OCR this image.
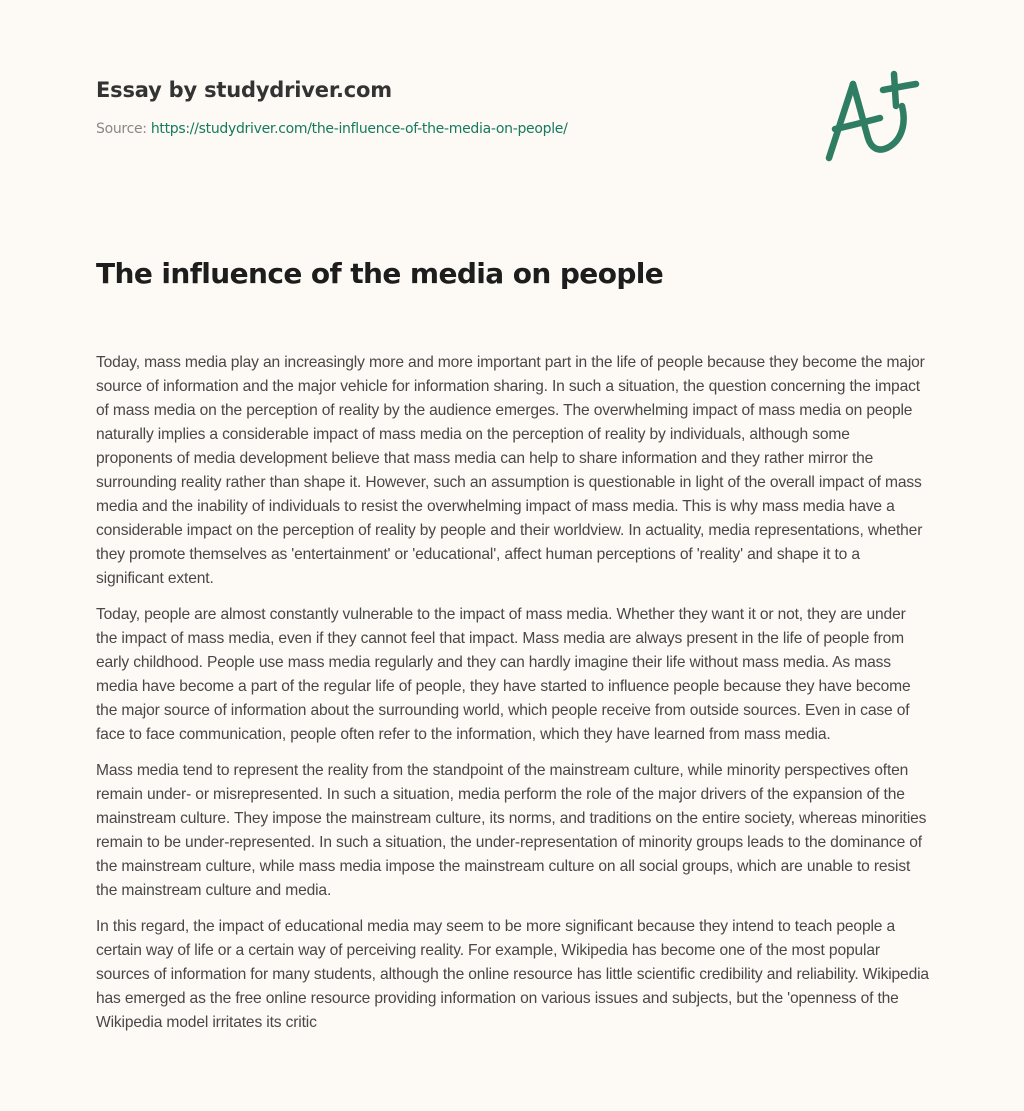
Essay by studydriver.com
Source: https://studydriver.com/the-influence-of-the-media-on-people/
The influence of the media on people

Today, mass media play an increasingly more and more important part in the life of people because they become the major source of information and the major vehicle for information sharing. In such a situation, the question concerning the impact of mass media on the perception of reality by the audience emerges. The overwhelming impact of mass media on people naturally implies a considerable impact of mass media on the perception of reality by individuals, although some proponents of media development believe that mass media can help to share information and they rather mirror the surrounding reality rather than shape it. However, such an assumption is questionable in light of the overall impact of mass media and the inability of individuals to resist the overwhelming impact of mass media. This is why mass media have a considerable impact on the perception of reality by people and their worldview. In actuality, media representations, whether they promote themselves as 'entertainment' or 'educational', affect human perceptions of 'reality' and shape it to a significant extent.

Today, people are almost constantly vulnerable to the impact of mass media. Whether they want it or not, they are under the impact of mass media, even if they cannot feel that impact. Mass media are always present in the life of people from early childhood. People use mass media regularly and they can hardly imagine their life without mass media. As mass media have become a part of the regular life of people, they have started to influence people because they have become the major source of information about the surrounding world, which people receive from outside sources. Even in case of face to face communication, people often refer to the information, which they have learned from mass media.

Mass media tend to represent the reality from the standpoint of the mainstream culture, while minority perspectives often remain under- or misrepresented. In such a situation, media perform the role of the major drivers of the expansion of the mainstream culture. They impose the mainstream culture, its norms, and traditions on the entire society, whereas minorities remain to be under-represented. In such a situation, the under-representation of minority groups leads to the dominance of the mainstream culture, while mass media impose the mainstream culture on all social groups, which are unable to resist the mainstream culture and media.

In this regard, the impact of educational media may seem to be more significant because they intend to teach people a certain way of life or a certain way of perceiving reality. For example, Wikipedia has become one of the most popular sources of information for many students, although the online resource has little scientific credibility and reliability. Wikipedia has emerged as the free online resource providing information on various issues and subjects, but the 'openness of the Wikipedia model irritates its critic
